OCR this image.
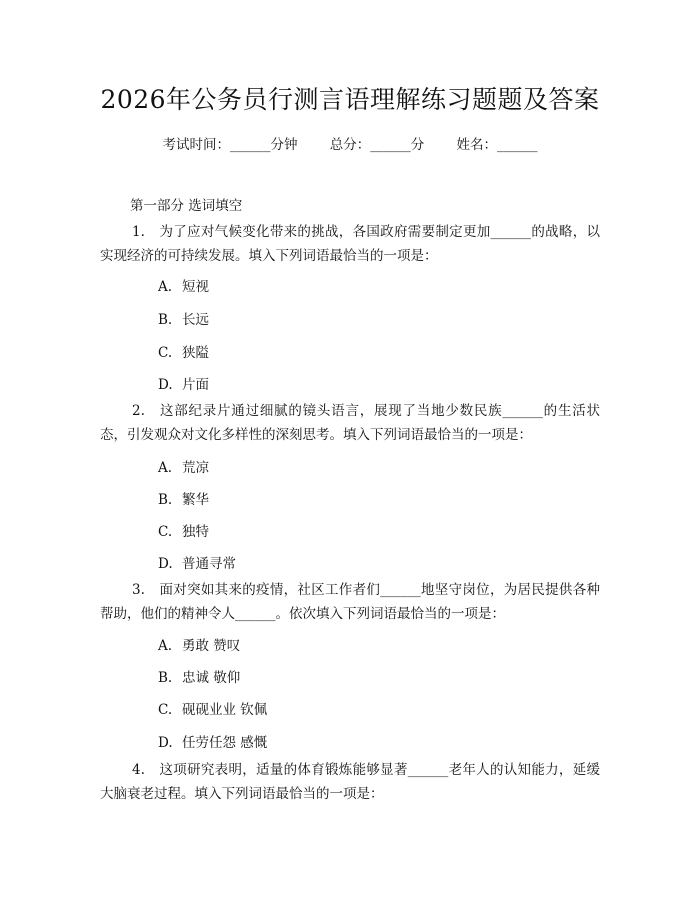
2026年公务员行测言语理解练习题题及答案
考试时间：______分钟 总分：______分 姓名：______
第一部分 选词填空
1. 为了应对气候变化带来的挑战，各国政府需要制定更加______的战略，以实现经济的可持续发展。填入下列词语最恰当的一项是：
A. 短视
B. 长远
C. 狭隘
D. 片面
2. 这部纪录片通过细腻的镜头语言，展现了当地少数民族______的生活状态，引发观众对文化多样性的深刻思考。填入下列词语最恰当的一项是：
A. 荒凉
B. 繁华
C. 独特
D. 普通寻常
3. 面对突如其来的疫情，社区工作者们______地坚守岗位，为居民提供各种帮助，他们的精神令人______。依次填入下列词语最恰当的一项是：
A. 勇敢 赞叹
B. 忠诚 敬仰
C. 砚砚业业 钦佩
D. 任劳任怨 感慨
4. 这项研究表明，适量的体育锻炼能够显著______老年人的认知能力，延缓大脑衰老过程。填入下列词语最恰当的一项是：
